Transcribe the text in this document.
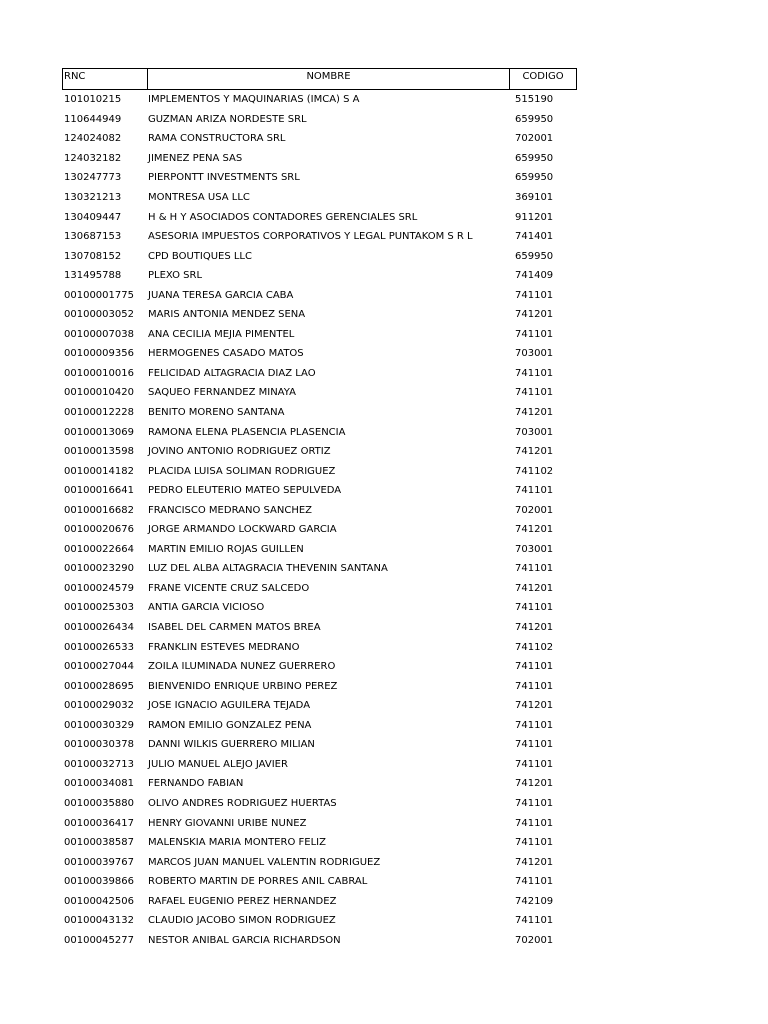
RNC	NOMBRE	CODIGO
101010215	IMPLEMENTOS Y MAQUINARIAS (IMCA) S A	515190
110644949	GUZMAN ARIZA NORDESTE SRL	659950
124024082	RAMA CONSTRUCTORA SRL	702001
124032182	JIMENEZ PEÑA SAS	659950
130247773	PIERPONTT INVESTMENTS SRL	659950
130321213	MONTRESA USA LLC	369101
130409447	H & H Y ASOCIADOS CONTADORES GERENCIALES SRL	911201
130687153	ASESORIA IMPUESTOS CORPORATIVOS Y LEGAL PUNTAKOM S R L	741401
130708152	CPD BOUTIQUES LLC	659950
131495788	PLEXO SRL	741409
00100001775	JUANA TERESA GARCIA CABA	741101
00100003052	MARIS ANTONIA MENDEZ SENA	741201
00100007038	ANA CECILIA MEJIA PIMENTEL	741101
00100009356	HERMOGENES CASADO MATOS	703001
00100010016	FELICIDAD ALTAGRACIA DIAZ LAO	741101
00100010420	SAQUEO FERNANDEZ MINAYA	741101
00100012228	BENITO MORENO SANTANA	741201
00100013069	RAMONA ELENA PLASENCIA PLASENCIA	703001
00100013598	JOVINO ANTONIO RODRIGUEZ ORTIZ	741201
00100014182	PLACIDA LUISA SOLIMAN RODRIGUEZ	741102
00100016641	PEDRO ELEUTERIO MATEO SEPULVEDA	741101
00100016682	FRANCISCO MEDRANO SANCHEZ	702001
00100020676	JORGE ARMANDO LOCKWARD GARCIA	741201
00100022664	MARTIN EMILIO ROJAS GUILLEN	703001
00100023290	LUZ DEL ALBA ALTAGRACIA THEVENIN SANTANA	741101
00100024579	FRANE VICENTE CRUZ SALCEDO	741201
00100025303	ANTIA GARCIA VICIOSO	741101
00100026434	ISABEL DEL CARMEN MATOS BREA	741201
00100026533	FRANKLIN ESTEVES MEDRANO	741102
00100027044	ZOILA ILUMINADA NUÑEZ GUERRERO	741101
00100028695	BIENVENIDO ENRIQUE URBINO PEREZ	741101
00100029032	JOSE IGNACIO AGUILERA TEJADA	741201
00100030329	RAMON EMILIO GONZALEZ PEÑA	741101
00100030378	DANNI WILKIS GUERRERO MILIAN	741101
00100032713	JULIO MANUEL ALEJO JAVIER	741101
00100034081	FERNANDO FABIAN	741201
00100035880	OLIVO ANDRES RODRIGUEZ HUERTAS	741101
00100036417	HENRY GIOVANNI URIBE NUÑEZ	741101
00100038587	MALENSKIA MARIA MONTERO FELIZ	741101
00100039767	MARCOS JUAN MANUEL VALENTIN RODRIGUEZ	741201
00100039866	ROBERTO MARTIN DE PORRES AÑIL CABRAL	741101
00100042506	RAFAEL EUGENIO PEREZ HERNANDEZ	742109
00100043132	CLAUDIO JACOBO SIMON RODRIGUEZ	741101
00100045277	NESTOR ANIBAL GARCIA RICHARDSON	702001
